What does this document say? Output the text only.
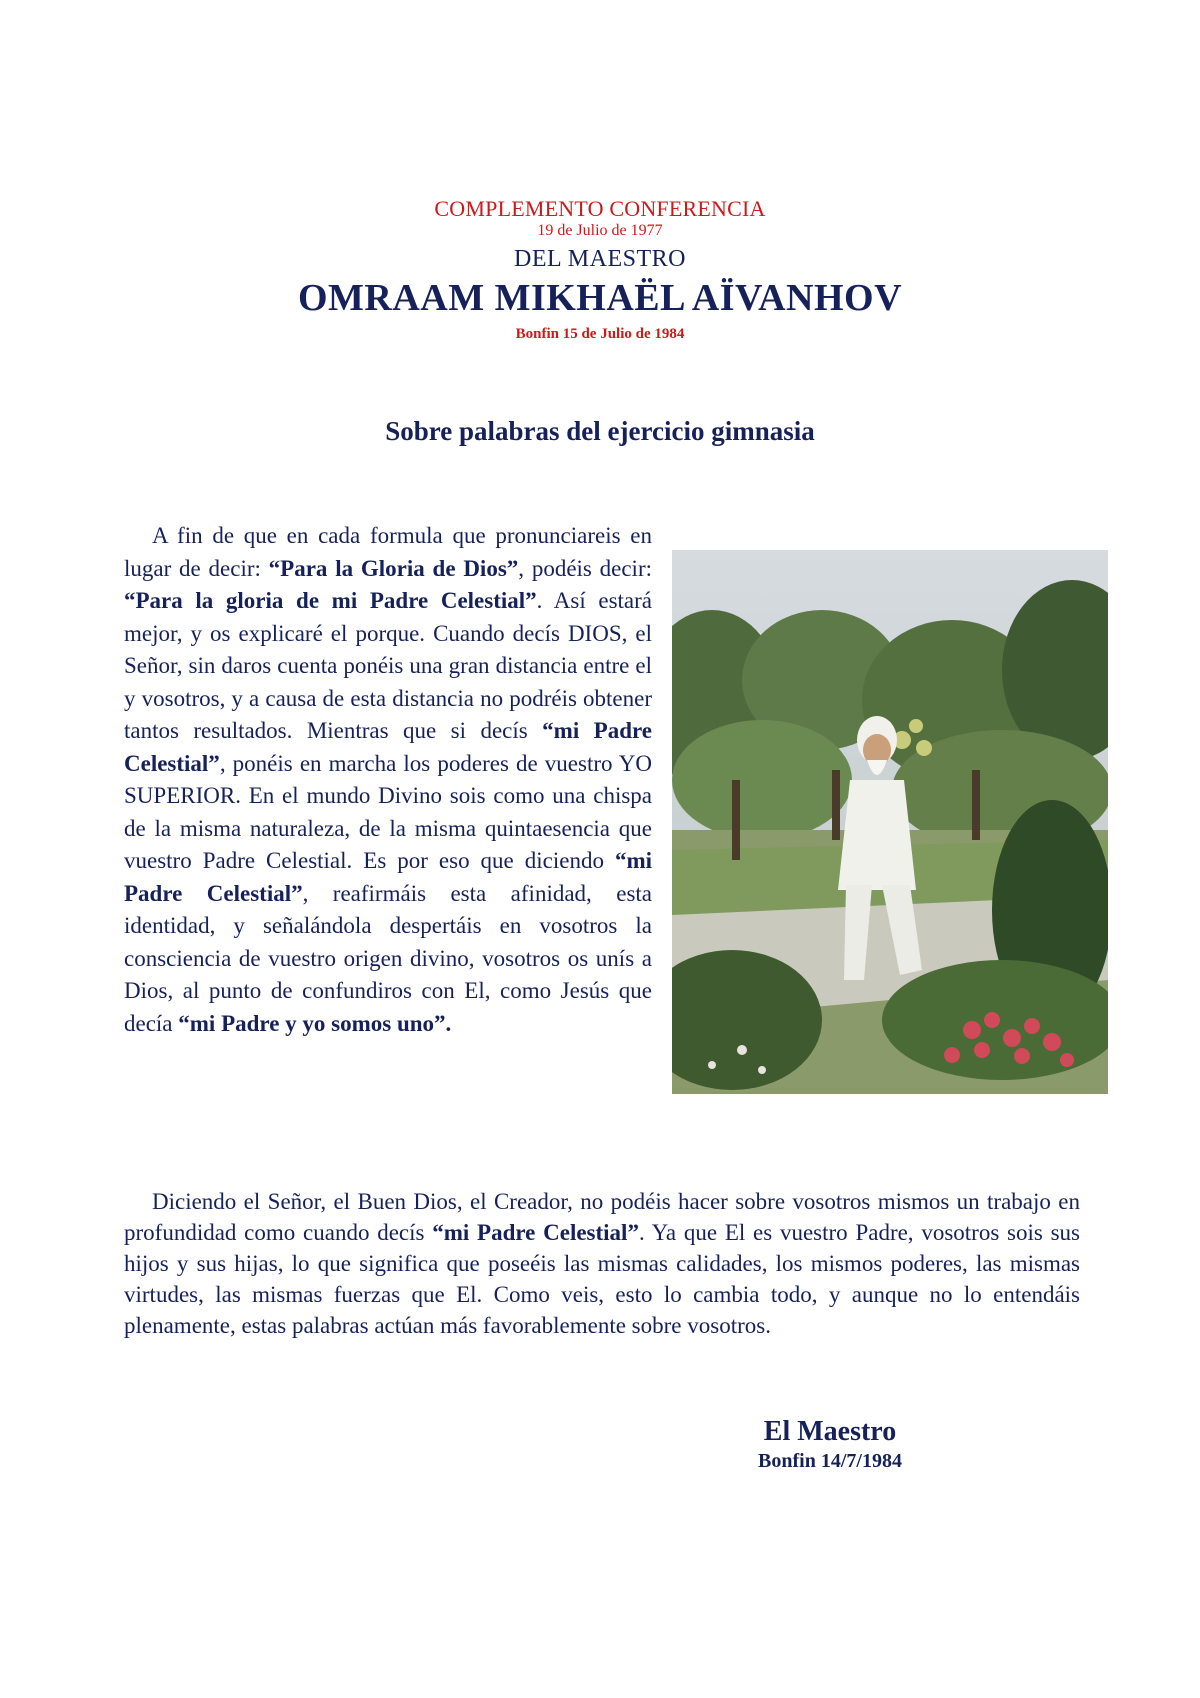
COMPLEMENTO CONFERENCIA
19 de Julio de 1977
DEL MAESTRO
OMRAAM MIKHAËL AÏVANHOV
Bonfin 15 de Julio de 1984
Sobre palabras del ejercicio gimnasia

A fin de que en cada formula que pronunciareis en lugar de decir: “Para la Gloria de Dios”, podéis decir: “Para la gloria de mi Padre Celestial”. Así estará mejor, y os explicaré el porque. Cuando decís DIOS, el Señor, sin daros cuenta ponéis una gran distancia entre el y vosotros, y a causa de esta distancia no podréis obtener tantos resultados. Mientras que si decís “mi Padre Celestial”, ponéis en marcha los poderes de vuestro YO SUPERIOR. En el mundo Divino sois como una chispa de la misma naturaleza, de la misma quintaesencia que vuestro Padre Celestial. Es por eso que diciendo “mi Padre Celestial”, reafirmáis esta afinidad, esta identidad, y señalándola despertáis en vosotros la consciencia de vuestro origen divino, vosotros os unís a Dios, al punto de confundiros con El, como Jesús que decía “mi Padre y yo somos uno”.

Diciendo el Señor, el Buen Dios, el Creador, no podéis hacer sobre vosotros mismos un trabajo en profundidad como cuando decís “mi Padre Celestial”. Ya que El es vuestro Padre, vosotros sois sus hijos y sus hijas, lo que significa que poseéis las mismas calidades, los mismos poderes, las mismas virtudes, las mismas fuerzas que El. Como veis, esto lo cambia todo, y aunque no lo entendáis plenamente, estas palabras actúan más favorablemente sobre vosotros.

El Maestro
Bonfin 14/7/1984
